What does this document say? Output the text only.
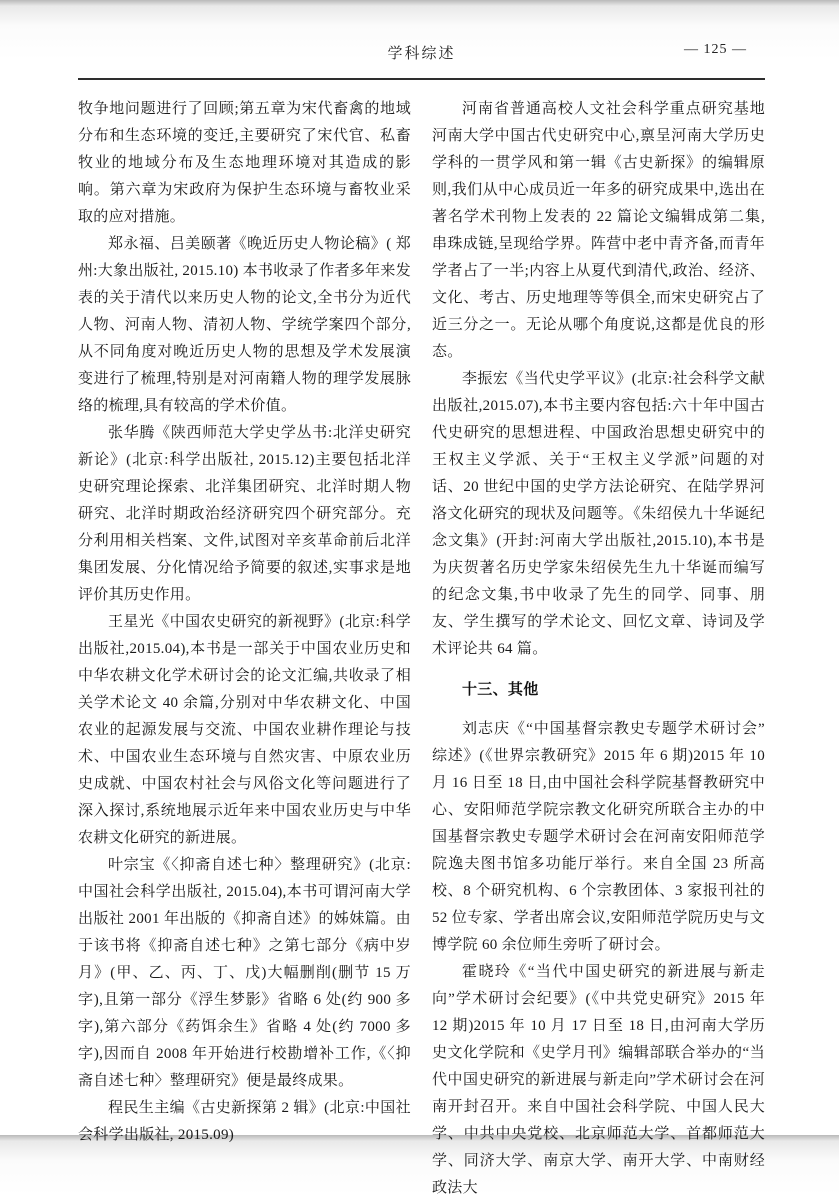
学科综述	— 125 —

牧争地问题进行了回顾;第五章为宋代畜禽的地域分布和生态环境的变迁,主要研究了宋代官、私畜牧业的地域分布及生态地理环境对其造成的影响。第六章为宋政府为保护生态环境与畜牧业采取的应对措施。

郑永福、吕美颐著《晚近历史人物论稿》( 郑州:大象出版社, 2015.10) 本书收录了作者多年来发表的关于清代以来历史人物的论文,全书分为近代人物、河南人物、清初人物、学统学案四个部分,从不同角度对晚近历史人物的思想及学术发展演变进行了梳理,特别是对河南籍人物的理学发展脉络的梳理,具有较高的学术价值。

张华腾《陕西师范大学史学丛书:北洋史研究新论》(北京:科学出版社, 2015.12)主要包括北洋史研究理论探索、北洋集团研究、北洋时期人物研究、北洋时期政治经济研究四个研究部分。充分利用相关档案、文件,试图对辛亥革命前后北洋集团发展、分化情况给予简要的叙述,实事求是地评价其历史作用。

王星光《中国农史研究的新视野》(北京:科学出版社,2015.04),本书是一部关于中国农业历史和中华农耕文化学术研讨会的论文汇编,共收录了相关学术论文 40 余篇,分别对中华农耕文化、中国农业的起源发展与交流、中国农业耕作理论与技术、中国农业生态环境与自然灾害、中原农业历史成就、中国农村社会与风俗文化等问题进行了深入探讨,系统地展示近年来中国农业历史与中华农耕文化研究的新进展。

叶宗宝《〈抑斋自述七种〉整理研究》(北京:中国社会科学出版社, 2015.04),本书可谓河南大学出版社 2001 年出版的《抑斋自述》的姊妹篇。由于该书将《抑斋自述七种》之第七部分《病中岁月》(甲、乙、丙、丁、戊)大幅删削(删节 15 万字),且第一部分《浮生梦影》省略 6 处(约 900 多字),第六部分《药饵余生》省略 4 处(约 7000 多字),因而自 2008 年开始进行校勘增补工作,《〈抑斋自述七种〉整理研究》便是最终成果。

程民生主编《古史新探第 2 辑》(北京:中国社会科学出版社, 2015.09)

河南省普通高校人文社会科学重点研究基地河南大学中国古代史研究中心,禀呈河南大学历史学科的一贯学风和第一辑《古史新探》的编辑原则,我们从中心成员近一年多的研究成果中,选出在著名学术刊物上发表的 22 篇论文编辑成第二集,串珠成链,呈现给学界。阵营中老中青齐备,而青年学者占了一半;内容上从夏代到清代,政治、经济、文化、考古、历史地理等等俱全,而宋史研究占了近三分之一。无论从哪个角度说,这都是优良的形态。

李振宏《当代史学平议》(北京:社会科学文献出版社,2015.07),本书主要内容包括:六十年中国古代史研究的思想进程、中国政治思想史研究中的王权主义学派、关于“王权主义学派”问题的对话、20 世纪中国的史学方法论研究、在陆学界河洛文化研究的现状及问题等。《朱绍侯九十华诞纪念文集》(开封:河南大学出版社,2015.10),本书是为庆贺著名历史学家朱绍侯先生九十华诞而编写的纪念文集,书中收录了先生的同学、同事、朋友、学生撰写的学术论文、回忆文章、诗词及学术评论共 64 篇。

十三、其他

刘志庆《“中国基督宗教史专题学术研讨会”综述》(《世界宗教研究》2015 年 6 期)2015 年 10 月 16 日至 18 日,由中国社会科学院基督教研究中心、安阳师范学院宗教文化研究所联合主办的中国基督宗教史专题学术研讨会在河南安阳师范学院逸夫图书馆多功能厅举行。来自全国 23 所高校、8 个研究机构、6 个宗教团体、3 家报刊社的 52 位专家、学者出席会议,安阳师范学院历史与文博学院 60 余位师生旁听了研讨会。

霍晓玲《“当代中国史研究的新进展与新走向”学术研讨会纪要》(《中共党史研究》2015 年 12 期)2015 年 10 月 17 日至 18 日,由河南大学历史文化学院和《史学月刊》编辑部联合举办的“当代中国史研究的新进展与新走向”学术研讨会在河南开封召开。来自中国社会科学院、中国人民大学、中共中央党校、北京师范大学、首都师范大学、同济大学、南京大学、南开大学、中南财经政法大
